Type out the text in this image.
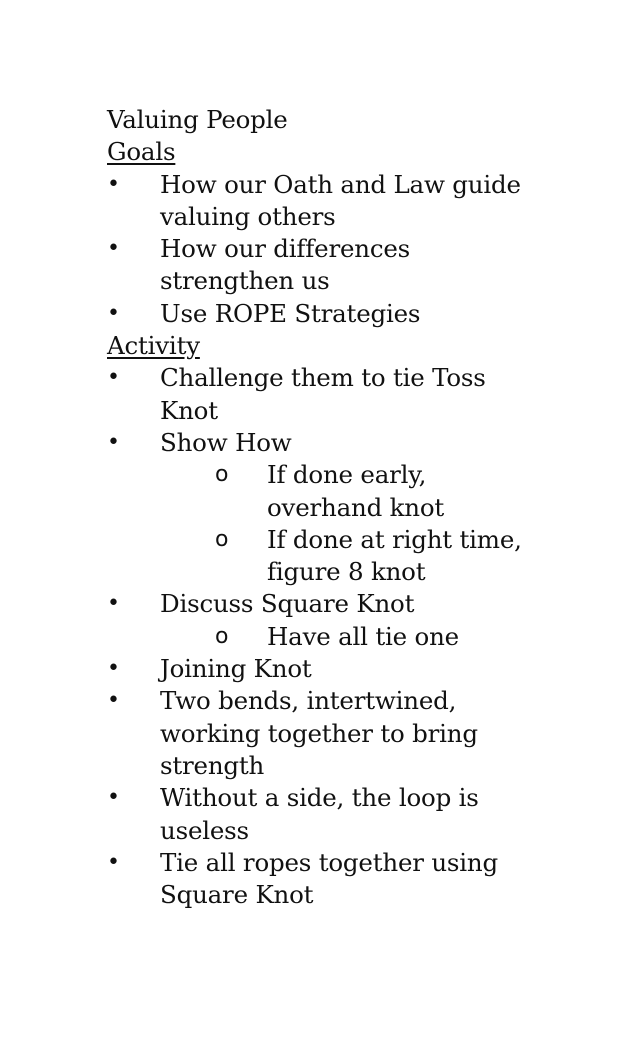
Valuing People
Goals
•	How our Oath and Law guide valuing others
•	How our differences strengthen us
•	Use ROPE Strategies
Activity
•	Challenge them to tie Toss Knot
•	Show How
o If done early, overhand knot
o If done at right time, figure 8 knot
•	Discuss Square Knot
o Have all tie one
•	Joining Knot
•	Two bends, intertwined, working together to bring strength
•	Without a side, the loop is useless
•	Tie all ropes together using Square Knot
